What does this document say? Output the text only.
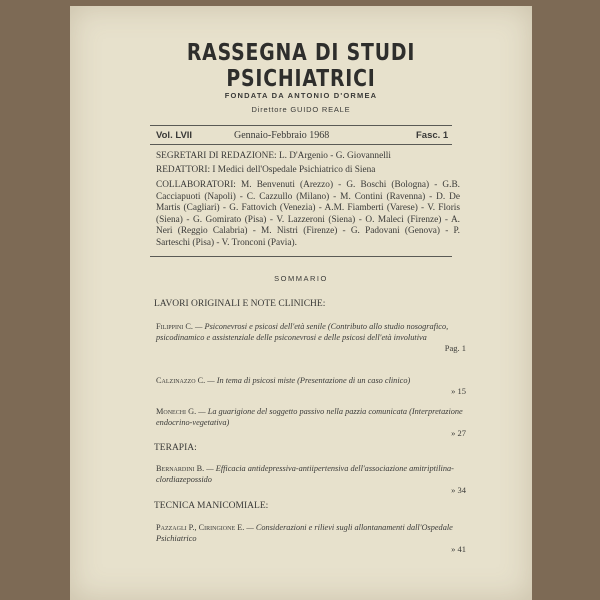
RASSEGNA DI STUDI PSICHIATRICI
FONDATA DA ANTONIO D'ORMEA
Direttore GUIDO REALE
Vol. LVII	Gennaio-Febbraio 1968	Fasc. 1
SEGRETARI DI REDAZIONE: L. D'Argenio - G. Giovannelli
REDATTORI: I Medici dell'Ospedale Psichiatrico di Siena
COLLABORATORI: M. Benvenuti (Arezzo) - G. Boschi (Bologna) - G.B. Cacciapuoti (Napoli) - C. Cazzullo (Milano) - M. Contini (Ravenna) - D. De Martis (Cagliari) - G. Fattovich (Venezia) - A.M. Fiamberti (Varese) - V. Floris (Siena) - G. Gomirato (Pisa) - V. Lazzeroni (Siena) - O. Maleci (Firenze) - A. Neri (Reggio Calabria) - M. Nistri (Firenze) - G. Padovani (Genova) - P. Sarteschi (Pisa) - V. Tronconi (Pavia).
SOMMARIO
LAVORI ORIGINALI E NOTE CLINICHE:
Filippini C. — Psiconevrosi e psicosi dell'età senile (Contributo allo studio nosografico, psicodinamico e assistenziale delle psiconevrosi e delle psicosi dell'età involutiva
Pag. 1
Calzinazzo C. — In tema di psicosi miste (Presentazione di un caso clinico)
» 15
Monechi G. — La guarigione del soggetto passivo nella pazzia comunicata (Interpretazione endocrino-vegetativa)
» 27
TERAPIA:
Bernardini B. — Efficacia antidepressiva-antiipertensiva dell'associazione amitriptilina-clordiazepossido
» 34
TECNICA MANICOMIALE:
Pazzagli P., Ciringione E. — Considerazioni e rilievi sugli allontanamenti dall'Ospedale Psichiatrico
» 41
